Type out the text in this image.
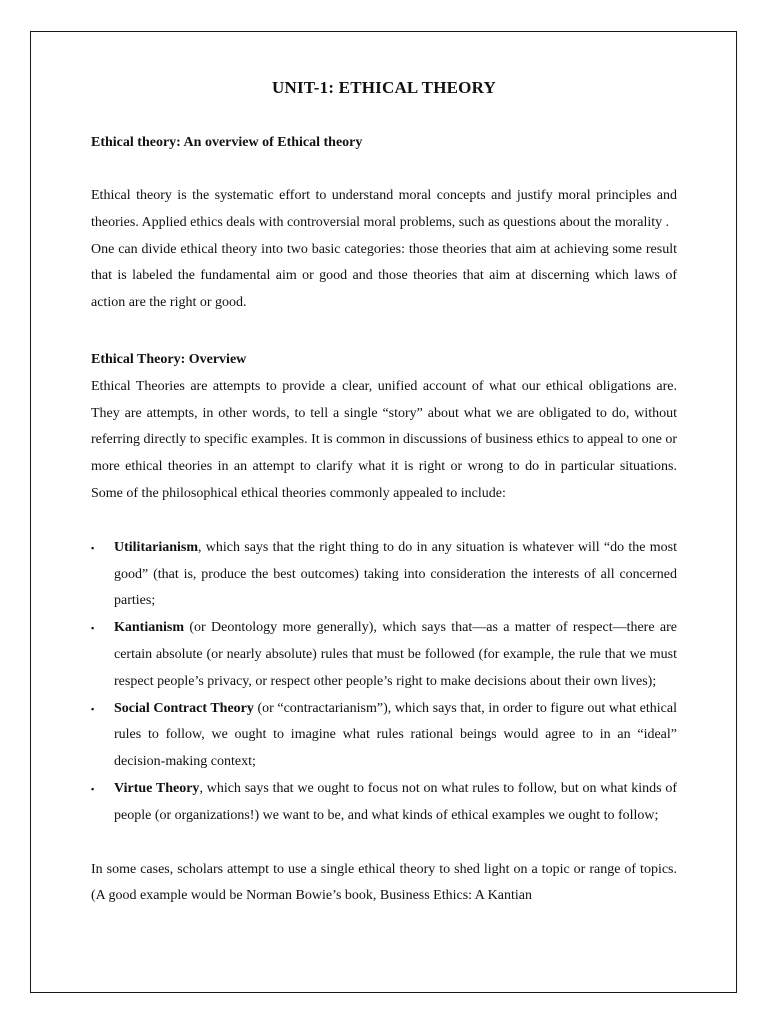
UNIT-1: ETHICAL THEORY

Ethical theory: An overview of Ethical theory

Ethical theory is the systematic effort to understand moral concepts and justify moral principles and theories. Applied ethics deals with controversial moral problems, such as questions about the morality .

One can divide ethical theory into two basic categories: those theories that aim at achieving some result that is labeled the fundamental aim or good and those theories that aim at discerning which laws of action are the right or good.

Ethical Theory: Overview

Ethical Theories are attempts to provide a clear, unified account of what our ethical obligations are. They are attempts, in other words, to tell a single “story” about what we are obligated to do, without referring directly to specific examples. It is common in discussions of business ethics to appeal to one or more ethical theories in an attempt to clarify what it is right or wrong to do in particular situations. Some of the philosophical ethical theories commonly appealed to include:

▪ Utilitarianism, which says that the right thing to do in any situation is whatever will “do the most good” (that is, produce the best outcomes) taking into consideration the interests of all concerned parties;
▪ Kantianism (or Deontology more generally), which says that—as a matter of respect—there are certain absolute (or nearly absolute) rules that must be followed (for example, the rule that we must respect people’s privacy, or respect other people’s right to make decisions about their own lives);
▪ Social Contract Theory (or “contractarianism”), which says that, in order to figure out what ethical rules to follow, we ought to imagine what rules rational beings would agree to in an “ideal” decision-making context;
▪ Virtue Theory, which says that we ought to focus not on what rules to follow, but on what kinds of people (or organizations!) we want to be, and what kinds of ethical examples we ought to follow;

In some cases, scholars attempt to use a single ethical theory to shed light on a topic or range of topics. (A good example would be Norman Bowie’s book, Business Ethics: A Kantian
